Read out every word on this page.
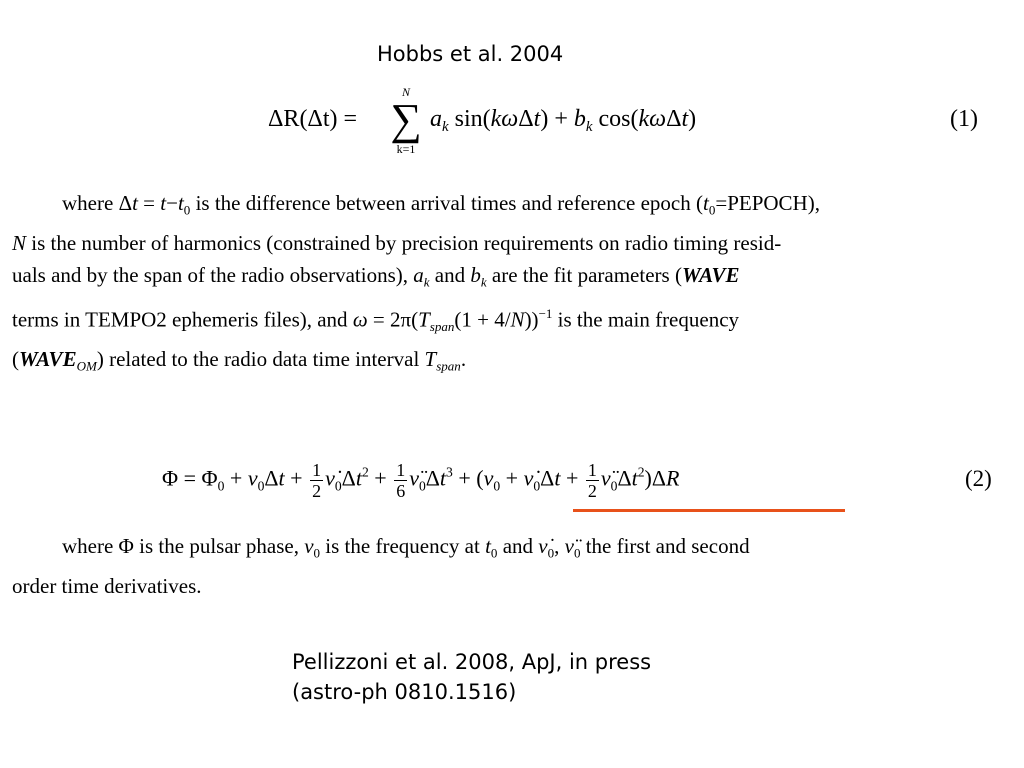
Hobbs et al. 2004
ΔR(Δt) =
N
∑
k=1
$a_k$ $\sin(k\omega\Delta t) + b_k$ cos(kωΔt)	(1)
where $\Delta t = t-t_0$ is the difference between arrival times and reference epoch $(t_0=PEPOCH)$,
N is the number of harmonics (constrained by precision requirements on radio timing resid-
uals and by the span of the radio observations), $a_k$ and $b_k$ are the fit parameters (WAVE
terms in TEMPO2 ephemeris files), and $\omega = 2\pi(T_{span}(1 + 4/N))^{-1}$ is the main frequency
$(WAVE_{OM})$ related to the radio data time interval $T_{span}$.
$\Phi = \Phi_0 + \nu_0\Delta t + \frac{1}{2}$ $\nu̇_0\Delta t^2 + \frac{1}{6}$ $\nü_0\Delta t^3 + (\nu_0$ + $\nu̇_0\Delta t + \frac{1}{2}$ $\nü_0\Delta t^2)\Delta R$	(2)
where Φ is the pulsar phase, $\nu_0$ is the frequency at $t_0$ and $\nu̇_0$, $\nü_0$ the first and second
order time derivatives.
Pellizzoni et al. 2008, ApJ, in press
(astro-ph 0810.1516)
